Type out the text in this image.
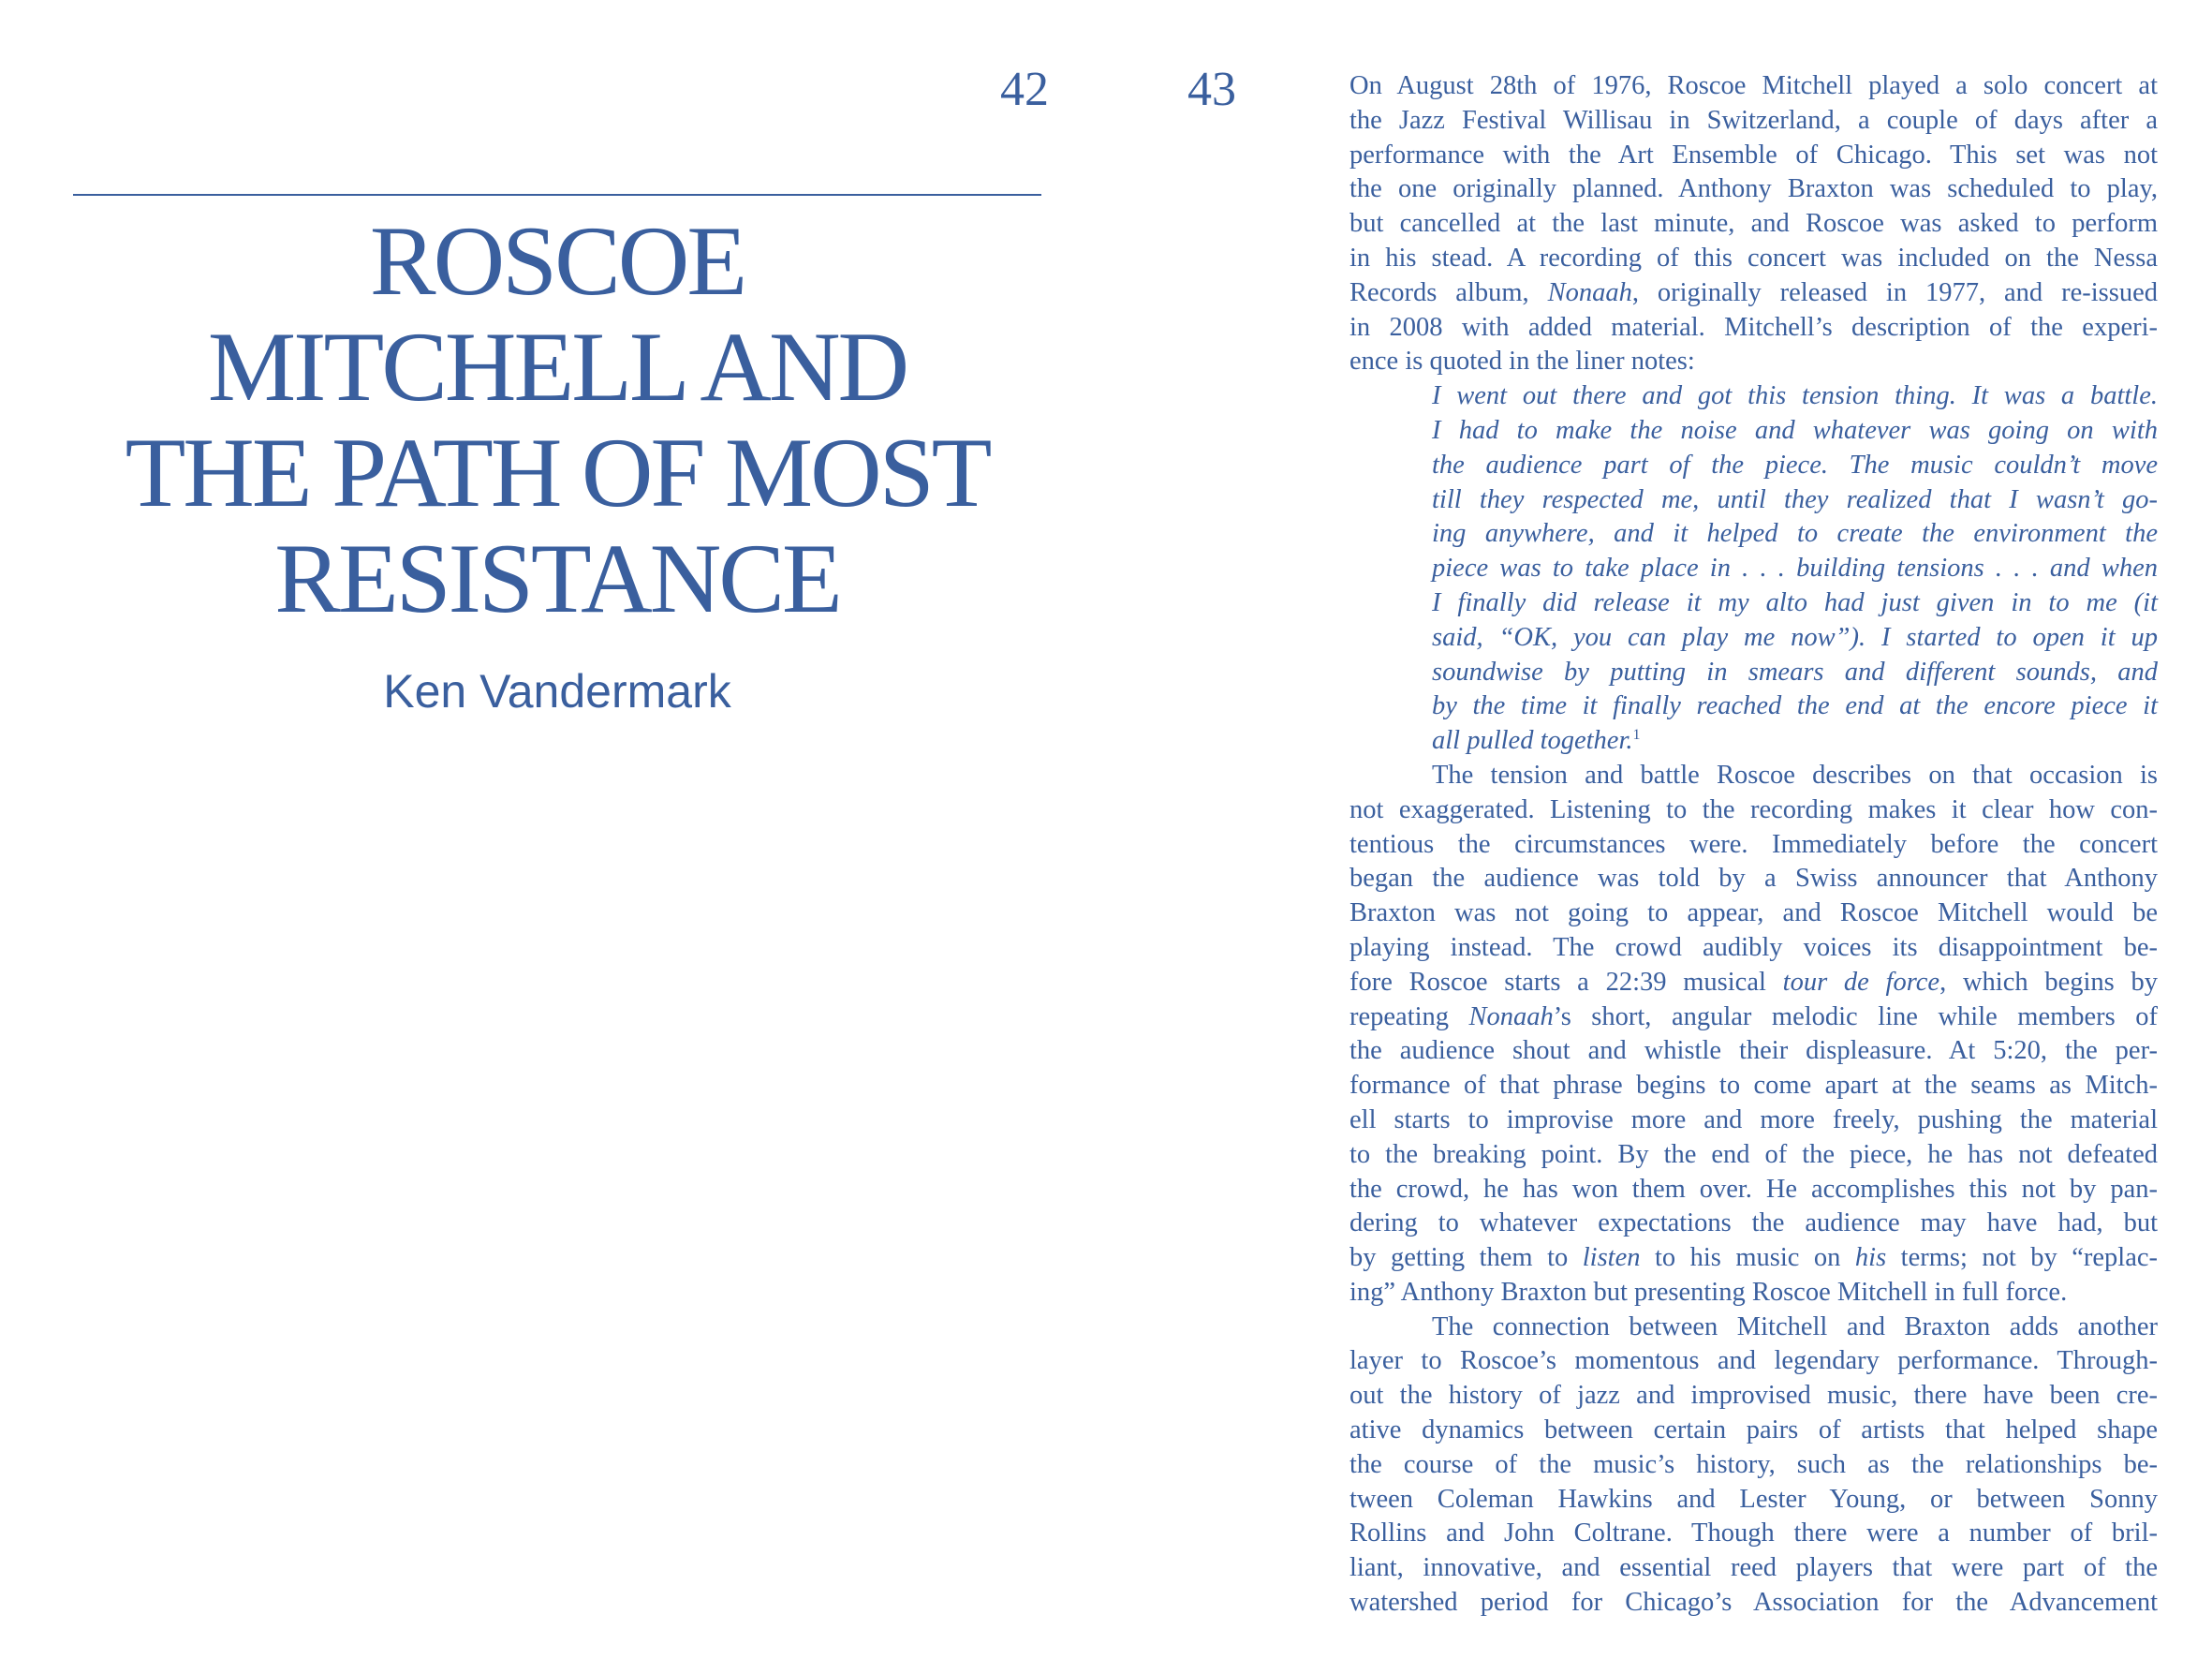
42
ROSCOE
MITCHELL AND
THE PATH OF MOST
RESISTANCE
Ken Vandermark
43	On August 28th of 1976, Roscoe Mitchell played a solo concert at
the Jazz Festival Willisau in Switzerland, a couple of days after a
performance with the Art Ensemble of Chicago. This set was not
the one originally planned. Anthony Braxton was scheduled to play,
but cancelled at the last minute, and Roscoe was asked to perform
in his stead. A recording of this concert was included on the Nessa
Records album, Nonaah, originally released in 1977, and re-issued
in 2008 with added material. Mitchell’s description of the experi-
ence is quoted in the liner notes:
I went out there and got this tension thing. It was a battle.
I had to make the noise and whatever was going on with
the audience part of the piece. The music couldn’t move
till they respected me, until they realized that I wasn’t go-
ing anywhere, and it helped to create the environment the
piece was to take place in . . . building tensions . . . and when
I finally did release it my alto had just given in to me (it
said, “OK, you can play me now”). I started to open it up
soundwise by putting in smears and different sounds, and
by the time it finally reached the end at the encore piece it
all pulled together.$^1$
The tension and battle Roscoe describes on that occasion is
not exaggerated. Listening to the recording makes it clear how con-
tentious the circumstances were. Immediately before the concert
began the audience was told by a Swiss announcer that Anthony
Braxton was not going to appear, and Roscoe Mitchell would be
playing instead. The crowd audibly voices its disappointment be-
fore Roscoe starts a 22:39 musical tour de force, which begins by
repeating Nonaah’s short, angular melodic line while members of
the audience shout and whistle their displeasure. At 5:20, the per-
formance of that phrase begins to come apart at the seams as Mitch-
ell starts to improvise more and more freely, pushing the material
to the breaking point. By the end of the piece, he has not defeated
the crowd, he has won them over. He accomplishes this not by pan-
dering to whatever expectations the audience may have had, but
by getting them to listen to his music on his terms; not by “replac-
ing” Anthony Braxton but presenting Roscoe Mitchell in full force.
The connection between Mitchell and Braxton adds another
layer to Roscoe’s momentous and legendary performance. Through-
out the history of jazz and improvised music, there have been cre-
ative dynamics between certain pairs of artists that helped shape
the course of the music’s history, such as the relationships be-
tween Coleman Hawkins and Lester Young, or between Sonny
Rollins and John Coltrane. Though there were a number of bril-
liant, innovative, and essential reed players that were part of the
watershed period for Chicago’s Association for the Advancement
